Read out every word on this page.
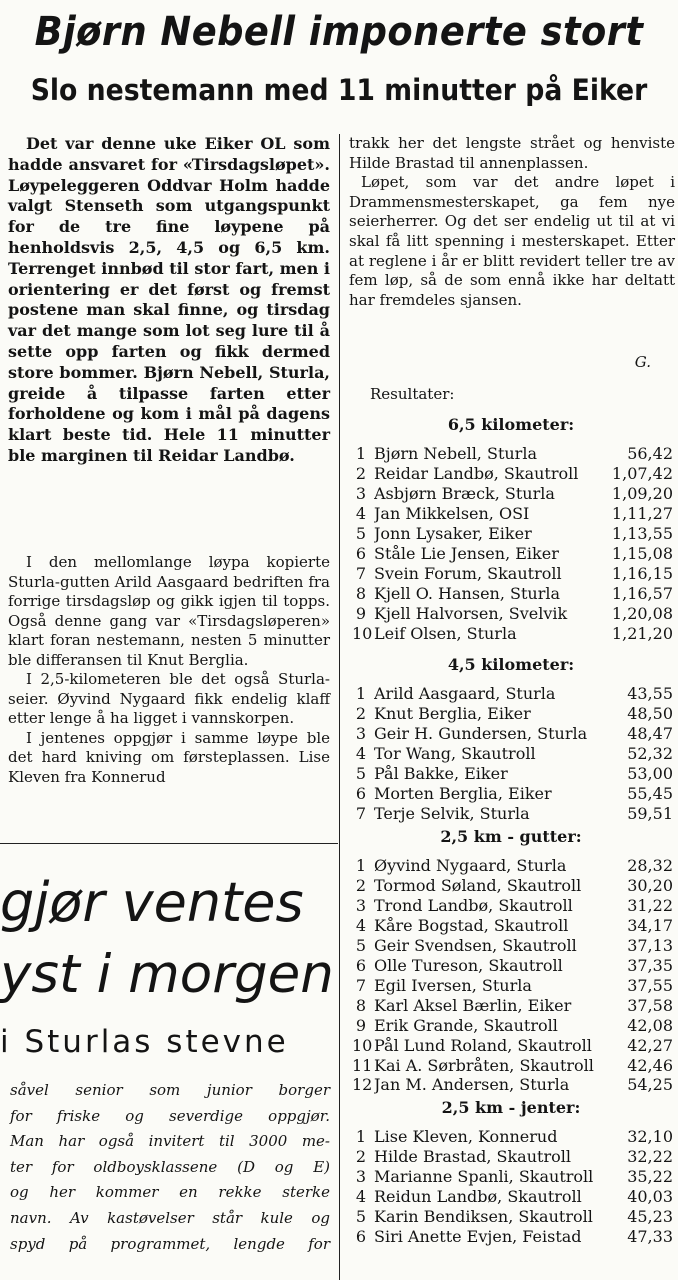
Bjørn Nebell imponerte stort
Slo nestemann med 11 minutter på Eiker

Det var denne uke Eiker OL som hadde ansvaret for «Tirsdagsløpet». Løypeleggeren Oddvar Holm hadde valgt Stenseth som utgangspunkt for de tre fine løypene på henholdsvis 2,5, 4,5 og 6,5 km. Terrenget innbød til stor fart, men i orientering er det først og fremst postene man skal finne, og tirsdag var det mange som lot seg lure til å sette opp farten og fikk dermed store bommer. Bjørn Nebell, Sturla, greide å tilpasse farten etter forholdene og kom i mål på dagens klart beste tid. Hele 11 minutter ble marginen til Reidar Landbø.

I den mellomlange løypa kopierte Sturla-gutten Arild Aasgaard bedriften fra forrige tirsdagsløp og gikk igjen til topps. Også denne gang var «Tirsdagsløperen» klart foran nestemann, nesten 5 minutter ble differansen til Knut Berglia.

I 2,5-kilometeren ble det også Sturla-seier. Øyvind Nygaard fikk endelig klaff etter lenge å ha ligget i vannskorpen.

I jentenes oppgjør i samme løype ble det hard kniving om førsteplassen. Lise Kleven fra Konnerud

gjør ventes
yst i morgen
i Sturlas stevne

såvel senior som junior borger

for friske og severdige oppgjør.

Man har også invitert til 3000 me-

ter for oldboysklassene (D og E)

og her kommer en rekke sterke

navn. Av kastøvelser står kule og

spyd på programmet, lengde for

trakk her det lengste strået og henviste Hilde Brastad til annenplassen.

Løpet, som var det andre løpet i Drammensmesterskapet, ga fem nye seierherrer. Og det ser endelig ut til at vi skal få litt spenning i mesterskapet. Etter at reglene i år er blitt revidert teller tre av fem løp, så de som ennå ikke har deltatt har fremdeles sjansen.

G.
Resultater:
6,5 kilometer:
1 Bjørn Nebell, Sturla	56,42
2 Reidar Landbø, Skautroll	1,07,42
3 Asbjørn Bræck, Sturla	1,09,20
4 Jan Mikkelsen, OSI	1,11,27
5 Jonn Lysaker, Eiker	1,13,55
6 Ståle Lie Jensen, Eiker	1,15,08
7 Svein Forum, Skautroll	1,16,15
8 Kjell O. Hansen, Sturla	1,16,57
9 Kjell Halvorsen, Svelvik	1,20,08
10 Leif Olsen, Sturla	1,21,20
4,5 kilometer:
1 Arild Aasgaard, Sturla	43,55
2 Knut Berglia, Eiker	48,50
3 Geir H. Gundersen, Sturla	48,47
4 Tor Wang, Skautroll	52,32
5 Pål Bakke, Eiker	53,00
6 Morten Berglia, Eiker	55,45
7 Terje Selvik, Sturla	59,51
2,5 km - gutter:
1 Øyvind Nygaard, Sturla	28,32
2 Tormod Søland, Skautroll	30,20
3 Trond Landbø, Skautroll	31,22
4 Kåre Bogstad, Skautroll	34,17
5 Geir Svendsen, Skautroll	37,13
6 Olle Tureson, Skautroll	37,35
7 Egil Iversen, Sturla	37,55
8 Karl Aksel Bærlin, Eiker	37,58
9 Erik Grande, Skautroll	42,08
10 Pål Lund Roland, Skautroll	42,27
11 Kai A. Sørbråten, Skautroll	42,46
12 Jan M. Andersen, Sturla	54,25
2,5 km - jenter:
1 Lise Kleven, Konnerud	32,10
2 Hilde Brastad, Skautroll	32,22
3 Marianne Spanli, Skautroll	35,22
4 Reidun Landbø, Skautroll	40,03
5 Karin Bendiksen, Skautroll	45,23
6 Siri Anette Evjen, Feistad	47,33
